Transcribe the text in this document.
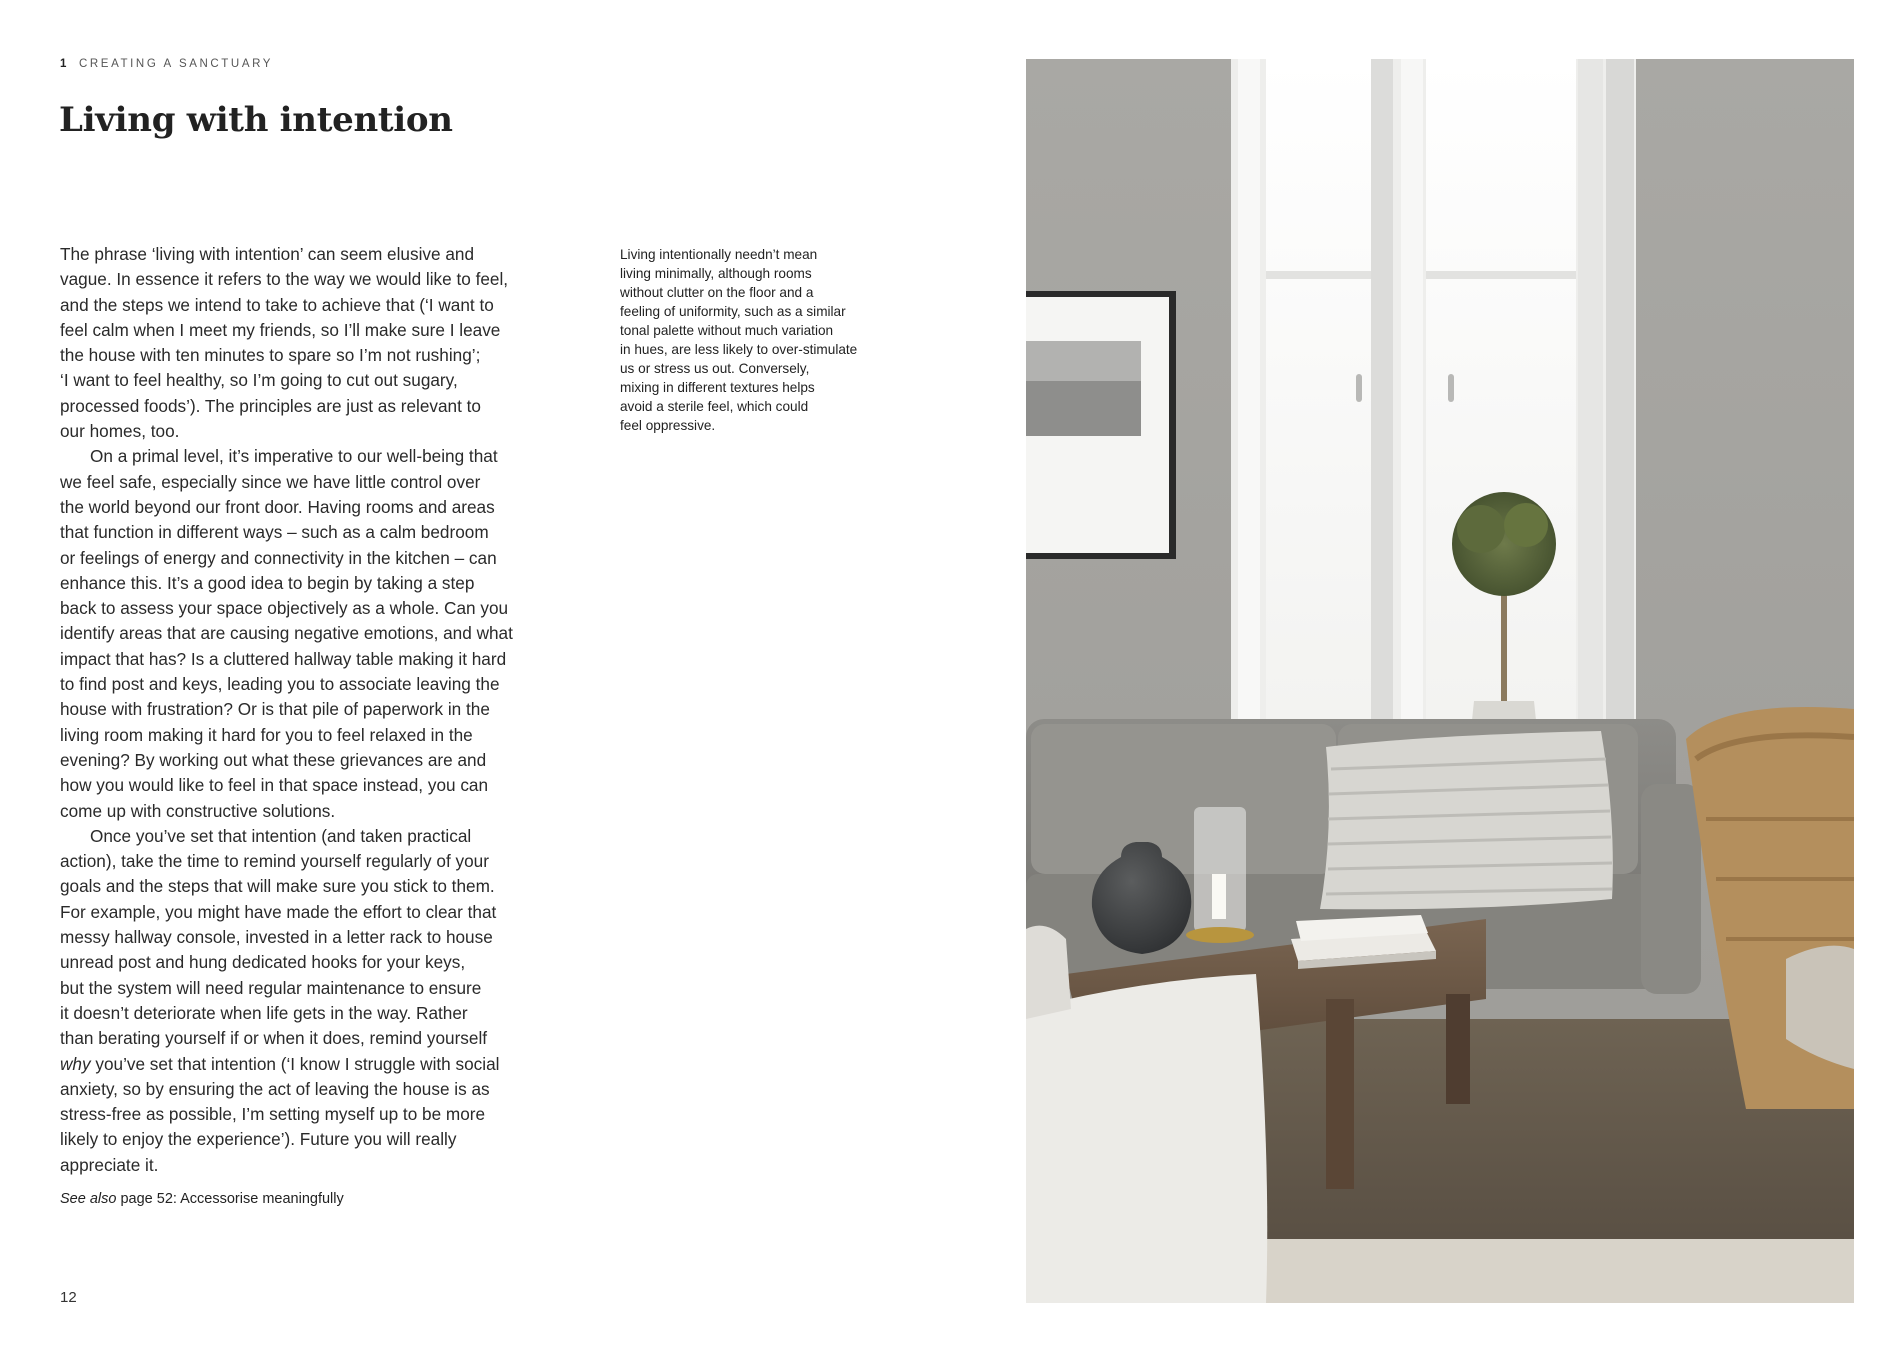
1 CREATING A SANCTUARY
Living with intention

The phrase ‘living with intention’ can seem elusive and
vague. In essence it refers to the way we would like to feel,
and the steps we intend to take to achieve that (‘I want to
feel calm when I meet my friends, so I’ll make sure I leave
the house with ten minutes to spare so I’m not rushing’;
‘I want to feel healthy, so I’m going to cut out sugary,
processed foods’). The principles are just as relevant to
our homes, too.

On a primal level, it’s imperative to our well-being that
we feel safe, especially since we have little control over
the world beyond our front door. Having rooms and areas
that function in different ways – such as a calm bedroom
or feelings of energy and connectivity in the kitchen – can
enhance this. It’s a good idea to begin by taking a step
back to assess your space objectively as a whole. Can you
identify areas that are causing negative emotions, and what
impact that has? Is a cluttered hallway table making it hard
to find post and keys, leading you to associate leaving the
house with frustration? Or is that pile of paperwork in the
living room making it hard for you to feel relaxed in the
evening? By working out what these grievances are and
how you would like to feel in that space instead, you can
come up with constructive solutions.

Once you’ve set that intention (and taken practical
action), take the time to remind yourself regularly of your
goals and the steps that will make sure you stick to them.
For example, you might have made the effort to clear that
messy hallway console, invested in a letter rack to house
unread post and hung dedicated hooks for your keys,
but the system will need regular maintenance to ensure
it doesn’t deteriorate when life gets in the way. Rather
than berating yourself if or when it does, remind yourself
why you’ve set that intention (‘I know I struggle with social
anxiety, so by ensuring the act of leaving the house is as
stress-free as possible, I’m setting myself up to be more
likely to enjoy the experience’). Future you will really
appreciate it.

See also page 52: Accessorise meaningfully

Living intentionally needn’t mean
living minimally, although rooms
without clutter on the floor and a
feeling of uniformity, such as a similar
tonal palette without much variation
in hues, are less likely to over-stimulate
us or stress us out. Conversely,
mixing in different textures helps
avoid a sterile feel, which could
feel oppressive.

12
